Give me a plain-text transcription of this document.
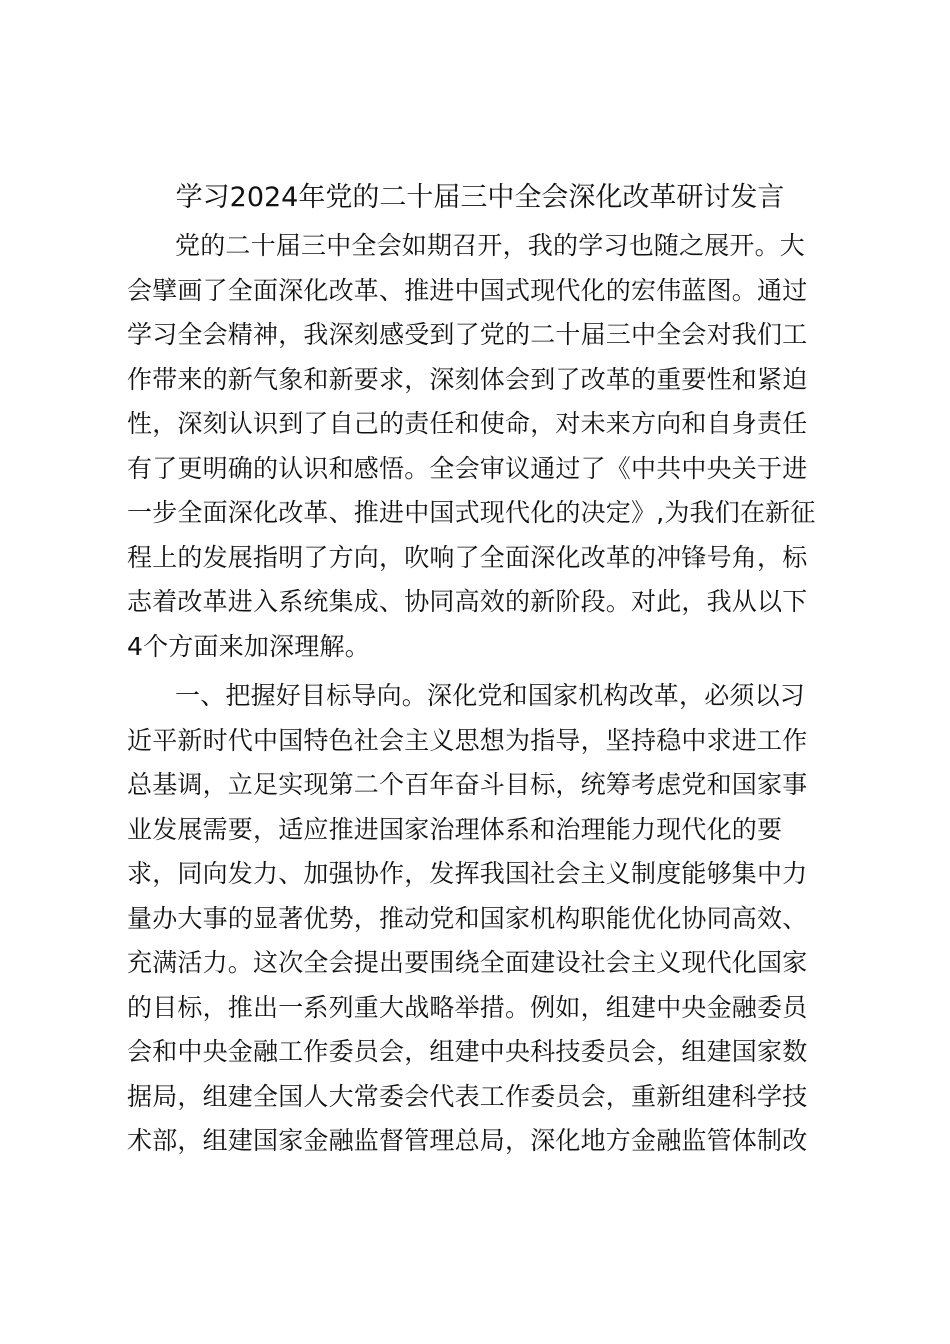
学习2024年党的二十届三中全会深化改革研讨发言
党的二十届三中全会如期召开，我的学习也随之展开。大
会擘画了全面深化改革、推进中国式现代化的宏伟蓝图。通过
学习全会精神，我深刻感受到了党的二十届三中全会对我们工
作带来的新气象和新要求，深刻体会到了改革的重要性和紧迫
性，深刻认识到了自己的责任和使命，对未来方向和自身责任
有了更明确的认识和感悟。全会审议通过了《中共中央关于进
一步全面深化改革、推进中国式现代化的决定》,为我们在新征
程上的发展指明了方向，吹响了全面深化改革的冲锋号角，标
志着改革进入系统集成、协同高效的新阶段。对此，我从以下
4个方面来加深理解。
一、把握好目标导向。深化党和国家机构改革，必须以习
近平新时代中国特色社会主义思想为指导，坚持稳中求进工作
总基调，立足实现第二个百年奋斗目标，统筹考虑党和国家事
业发展需要，适应推进国家治理体系和治理能力现代化的要
求，同向发力、加强协作，发挥我国社会主义制度能够集中力
量办大事的显著优势，推动党和国家机构职能优化协同高效、
充满活力。这次全会提出要围绕全面建设社会主义现代化国家
的目标，推出一系列重大战略举措。例如，组建中央金融委员
会和中央金融工作委员会，组建中央科技委员会，组建国家数
据局，组建全国人大常委会代表工作委员会，重新组建科学技
术部，组建国家金融监督管理总局，深化地方金融监管体制改
